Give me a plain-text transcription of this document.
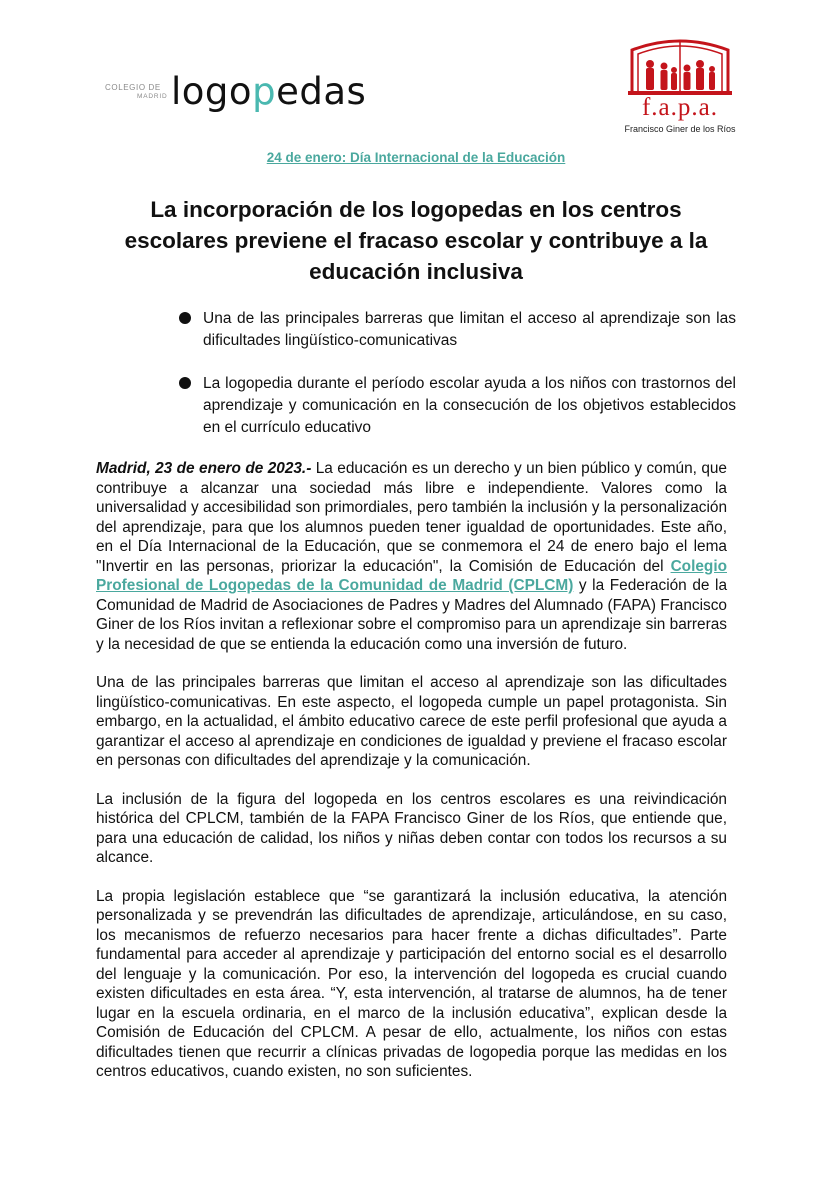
COLEGIO DE
MADRID logopedas	f.a.p.a.
Francisco Giner de los Ríos
24 de enero: Día Internacional de la Educación
La incorporación de los logopedas en los centros escolares previene el fracaso escolar y contribuye a la educación inclusiva
Una de las principales barreras que limitan el acceso al aprendizaje son las dificultades lingüístico-comunicativas
La logopedia durante el período escolar ayuda a los niños con trastornos del aprendizaje y comunicación en la consecución de los objetivos establecidos en el currículo educativo

Madrid, 23 de enero de 2023.- La educación es un derecho y un bien público y común, que contribuye a alcanzar una sociedad más libre e independiente. Valores como la universalidad y accesibilidad son primordiales, pero también la inclusión y la personalización del aprendizaje, para que los alumnos pueden tener igualdad de oportunidades. Este año, en el Día Internacional de la Educación, que se conmemora el 24 de enero bajo el lema "Invertir en las personas, priorizar la educación", la Comisión de Educación del Colegio Profesional de Logopedas de la Comunidad de Madrid (CPLCM) y la Federación de la Comunidad de Madrid de Asociaciones de Padres y Madres del Alumnado (FAPA) Francisco Giner de los Ríos invitan a reflexionar sobre el compromiso para un aprendizaje sin barreras y la necesidad de que se entienda la educación como una inversión de futuro.

Una de las principales barreras que limitan el acceso al aprendizaje son las dificultades lingüístico-comunicativas. En este aspecto, el logopeda cumple un papel protagonista. Sin embargo, en la actualidad, el ámbito educativo carece de este perfil profesional que ayuda a garantizar el acceso al aprendizaje en condiciones de igualdad y previene el fracaso escolar en personas con dificultades del aprendizaje y la comunicación.

La inclusión de la figura del logopeda en los centros escolares es una reivindicación histórica del CPLCM, también de la FAPA Francisco Giner de los Ríos, que entiende que, para una educación de calidad, los niños y niñas deben contar con todos los recursos a su alcance.

La propia legislación establece que “se garantizará la inclusión educativa, la atención personalizada y se prevendrán las dificultades de aprendizaje, articulándose, en su caso, los mecanismos de refuerzo necesarios para hacer frente a dichas dificultades”. Parte fundamental para acceder al aprendizaje y participación del entorno social es el desarrollo del lenguaje y la comunicación. Por eso, la intervención del logopeda es crucial cuando existen dificultades en esta área. “Y, esta intervención, al tratarse de alumnos, ha de tener lugar en la escuela ordinaria, en el marco de la inclusión educativa”, explican desde la Comisión de Educación del CPLCM. A pesar de ello, actualmente, los niños con estas dificultades tienen que recurrir a clínicas privadas de logopedia porque las medidas en los centros educativos, cuando existen, no son suficientes.
